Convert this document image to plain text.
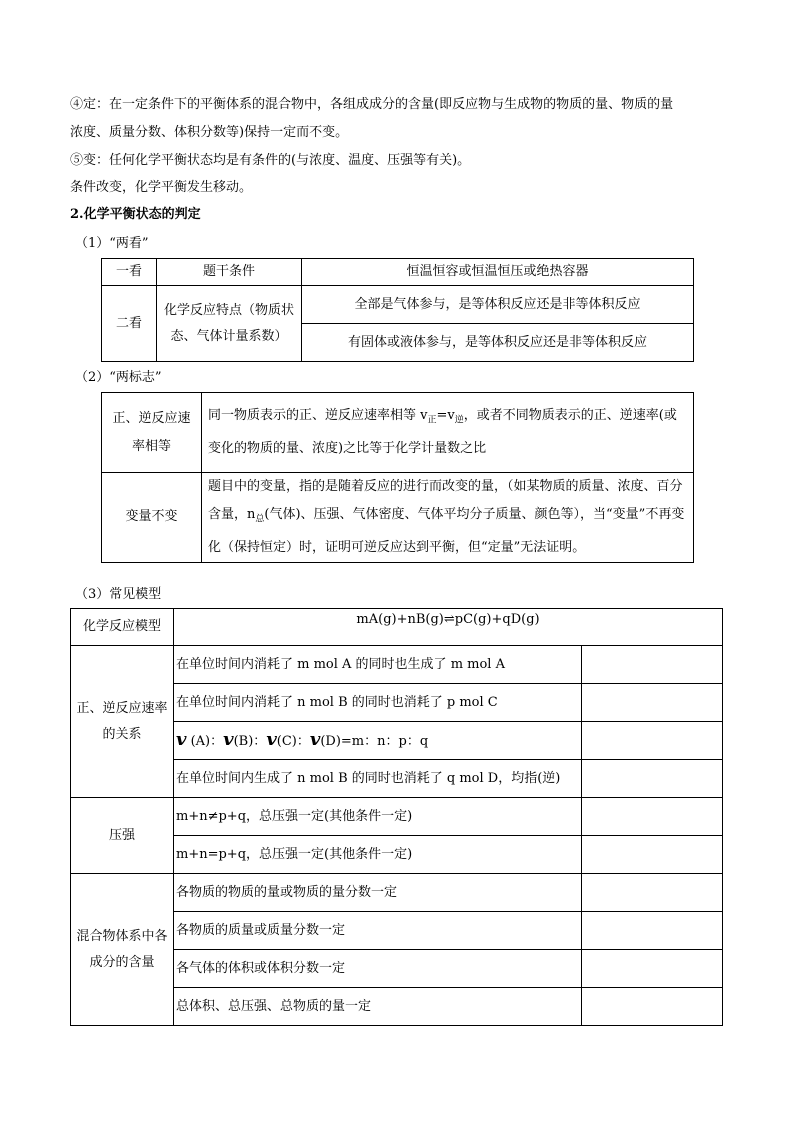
④定：在一定条件下的平衡体系的混合物中，各组成成分的含量(即反应物与生成物的物质的量、物质的量
浓度、质量分数、体积分数等)保持一定而不变。
⑤变：任何化学平衡状态均是有条件的(与浓度、温度、压强等有关)。
条件改变，化学平衡发生移动。
2.化学平衡状态的判定
（1）“两看”
一看	题干条件	恒温恒容或恒温恒压或绝热容器
二看	化学反应特点（物质状态、气体计量系数）	全部是气体参与，是等体积反应还是非等体积反应
		有固体或液体参与，是等体积反应还是非等体积反应
（2）“两标志”
正、逆反应速率相等	同一物质表示的正、逆反应速率相等 $v_正=v_逆$，或者不同物质表示的正、逆速率(或变化的物质的量、浓度)之比等于化学计量数之比
变量不变	题目中的变量，指的是随着反应的进行而改变的量，（如某物质的质量、浓度、百分含量，$n_总$(气体)、压强、气体密度、气体平均分子质量、颜色等），当“变量”不再变化（保持恒定）时，证明可逆反应达到平衡，但“定量”无法证明。
（3）常见模型
化学反应模型	mA(g)+nB(g)⇌pC(g)+qD(g)	
正、逆反应速率的关系	在单位时间内消耗了 m mol A 的同时也生成了 m mol A	
	在单位时间内消耗了 n mol B 的同时也消耗了 p mol C	
	v (A)：v(B)：v(C)：v(D)=m：n：p：q	
	在单位时间内生成了 n mol B 的同时也消耗了 q mol D，均指(逆)	
压强	m+n≠p+q，总压强一定(其他条件一定)	
	m+n=p+q，总压强一定(其他条件一定)	
混合物体系中各成分的含量	各物质的物质的量或物质的量分数一定	
	各物质的质量或质量分数一定	
	各气体的体积或体积分数一定	
	总体积、总压强、总物质的量一定	
